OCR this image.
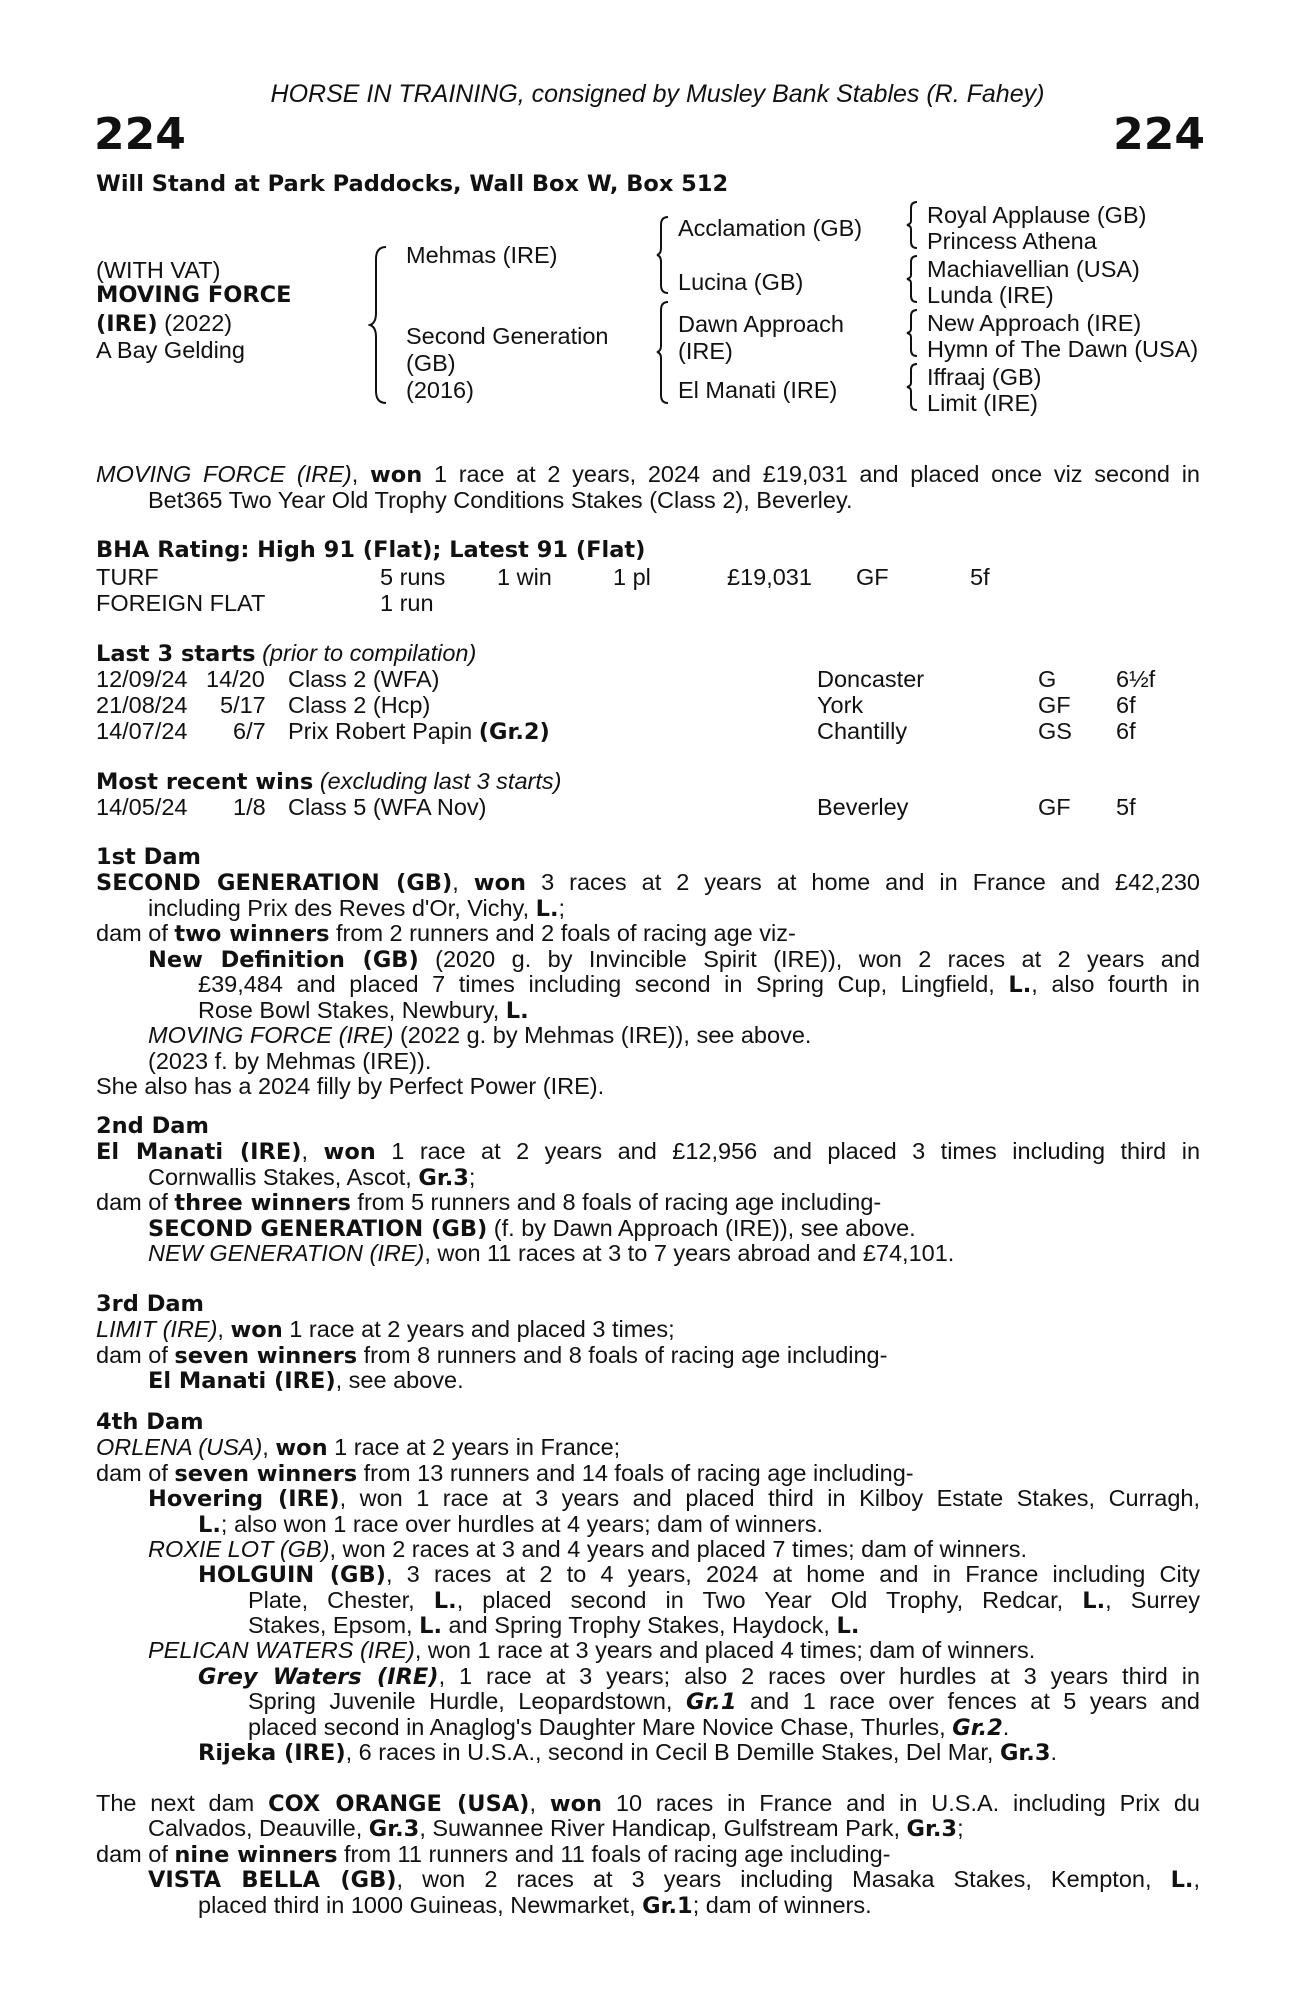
HORSE IN TRAINING, consigned by Musley Bank Stables (R. Fahey)
224	224
Will Stand at Park Paddocks, Wall Box W, Box 512
(WITH VAT)
MOVING FORCE
(IRE) (2022)
A Bay Gelding
Mehmas (IRE)
Second Generation
(GB)
(2016)
Acclamation (GB)
Lucina (GB)
Dawn Approach
(IRE)
El Manati (IRE)
Royal Applause (GB)
Princess Athena
Machiavellian (USA)
Lunda (IRE)
New Approach (IRE)
Hymn of The Dawn (USA)
Iffraaj (GB)
Limit (IRE)
MOVING FORCE (IRE), won 1 race at 2 years, 2024 and £19,031 and placed once viz second in
Bet365 Two Year Old Trophy Conditions Stakes (Class 2), Beverley.
BHA Rating: High 91 (Flat); Latest 91 (Flat)
TURF	5 runs 1 win	1 pl	£19,031 GF	5f
FOREIGN FLAT	1 run
Last 3 starts (prior to compilation)
12/09/24 14/20 Class 2 (WFA)	Doncaster	G	6½f
21/08/24 5/17 Class 2 (Hcp)	York	GF 6f
14/07/24 6/7 Prix Robert Papin (Gr.2)	Chantilly	GS 6f
Most recent wins (excluding last 3 starts)
14/05/24 1/8 Class 5 (WFA Nov)	Beverley	GF 5f
1st Dam
SECOND GENERATION (GB), won 3 races at 2 years at home and in France and £42,230
including Prix des Reves d'Or, Vichy, L.;
dam of two winners from 2 runners and 2 foals of racing age viz-
New Definition (GB) (2020 g. by Invincible Spirit (IRE)), won 2 races at 2 years and
£39,484 and placed 7 times including second in Spring Cup, Lingfield, L., also fourth in
Rose Bowl Stakes, Newbury, L.
MOVING FORCE (IRE) (2022 g. by Mehmas (IRE)), see above.
(2023 f. by Mehmas (IRE)).
She also has a 2024 filly by Perfect Power (IRE).
2nd Dam
El Manati (IRE), won 1 race at 2 years and £12,956 and placed 3 times including third in
Cornwallis Stakes, Ascot, Gr.3;
dam of three winners from 5 runners and 8 foals of racing age including-
SECOND GENERATION (GB) (f. by Dawn Approach (IRE)), see above.
NEW GENERATION (IRE), won 11 races at 3 to 7 years abroad and £74,101.
3rd Dam
LIMIT (IRE), won 1 race at 2 years and placed 3 times;
dam of seven winners from 8 runners and 8 foals of racing age including-
El Manati (IRE), see above.
4th Dam
ORLENA (USA), won 1 race at 2 years in France;
dam of seven winners from 13 runners and 14 foals of racing age including-
Hovering (IRE), won 1 race at 3 years and placed third in Kilboy Estate Stakes, Curragh,
L.; also won 1 race over hurdles at 4 years; dam of winners.
ROXIE LOT (GB), won 2 races at 3 and 4 years and placed 7 times; dam of winners.
HOLGUIN (GB), 3 races at 2 to 4 years, 2024 at home and in France including City
Plate, Chester, L., placed second in Two Year Old Trophy, Redcar, L., Surrey
Stakes, Epsom, L. and Spring Trophy Stakes, Haydock, L.
PELICAN WATERS (IRE), won 1 race at 3 years and placed 4 times; dam of winners.
Grey Waters (IRE), 1 race at 3 years; also 2 races over hurdles at 3 years third in
Spring Juvenile Hurdle, Leopardstown, Gr.1 and 1 race over fences at 5 years and
placed second in Anaglog's Daughter Mare Novice Chase, Thurles, Gr.2.
Rijeka (IRE), 6 races in U.S.A., second in Cecil B Demille Stakes, Del Mar, Gr.3.
The next dam COX ORANGE (USA), won 10 races in France and in U.S.A. including Prix du
Calvados, Deauville, Gr.3, Suwannee River Handicap, Gulfstream Park, Gr.3;
dam of nine winners from 11 runners and 11 foals of racing age including-
VISTA BELLA (GB), won 2 races at 3 years including Masaka Stakes, Kempton, L.,
placed third in 1000 Guineas, Newmarket, Gr.1; dam of winners.
